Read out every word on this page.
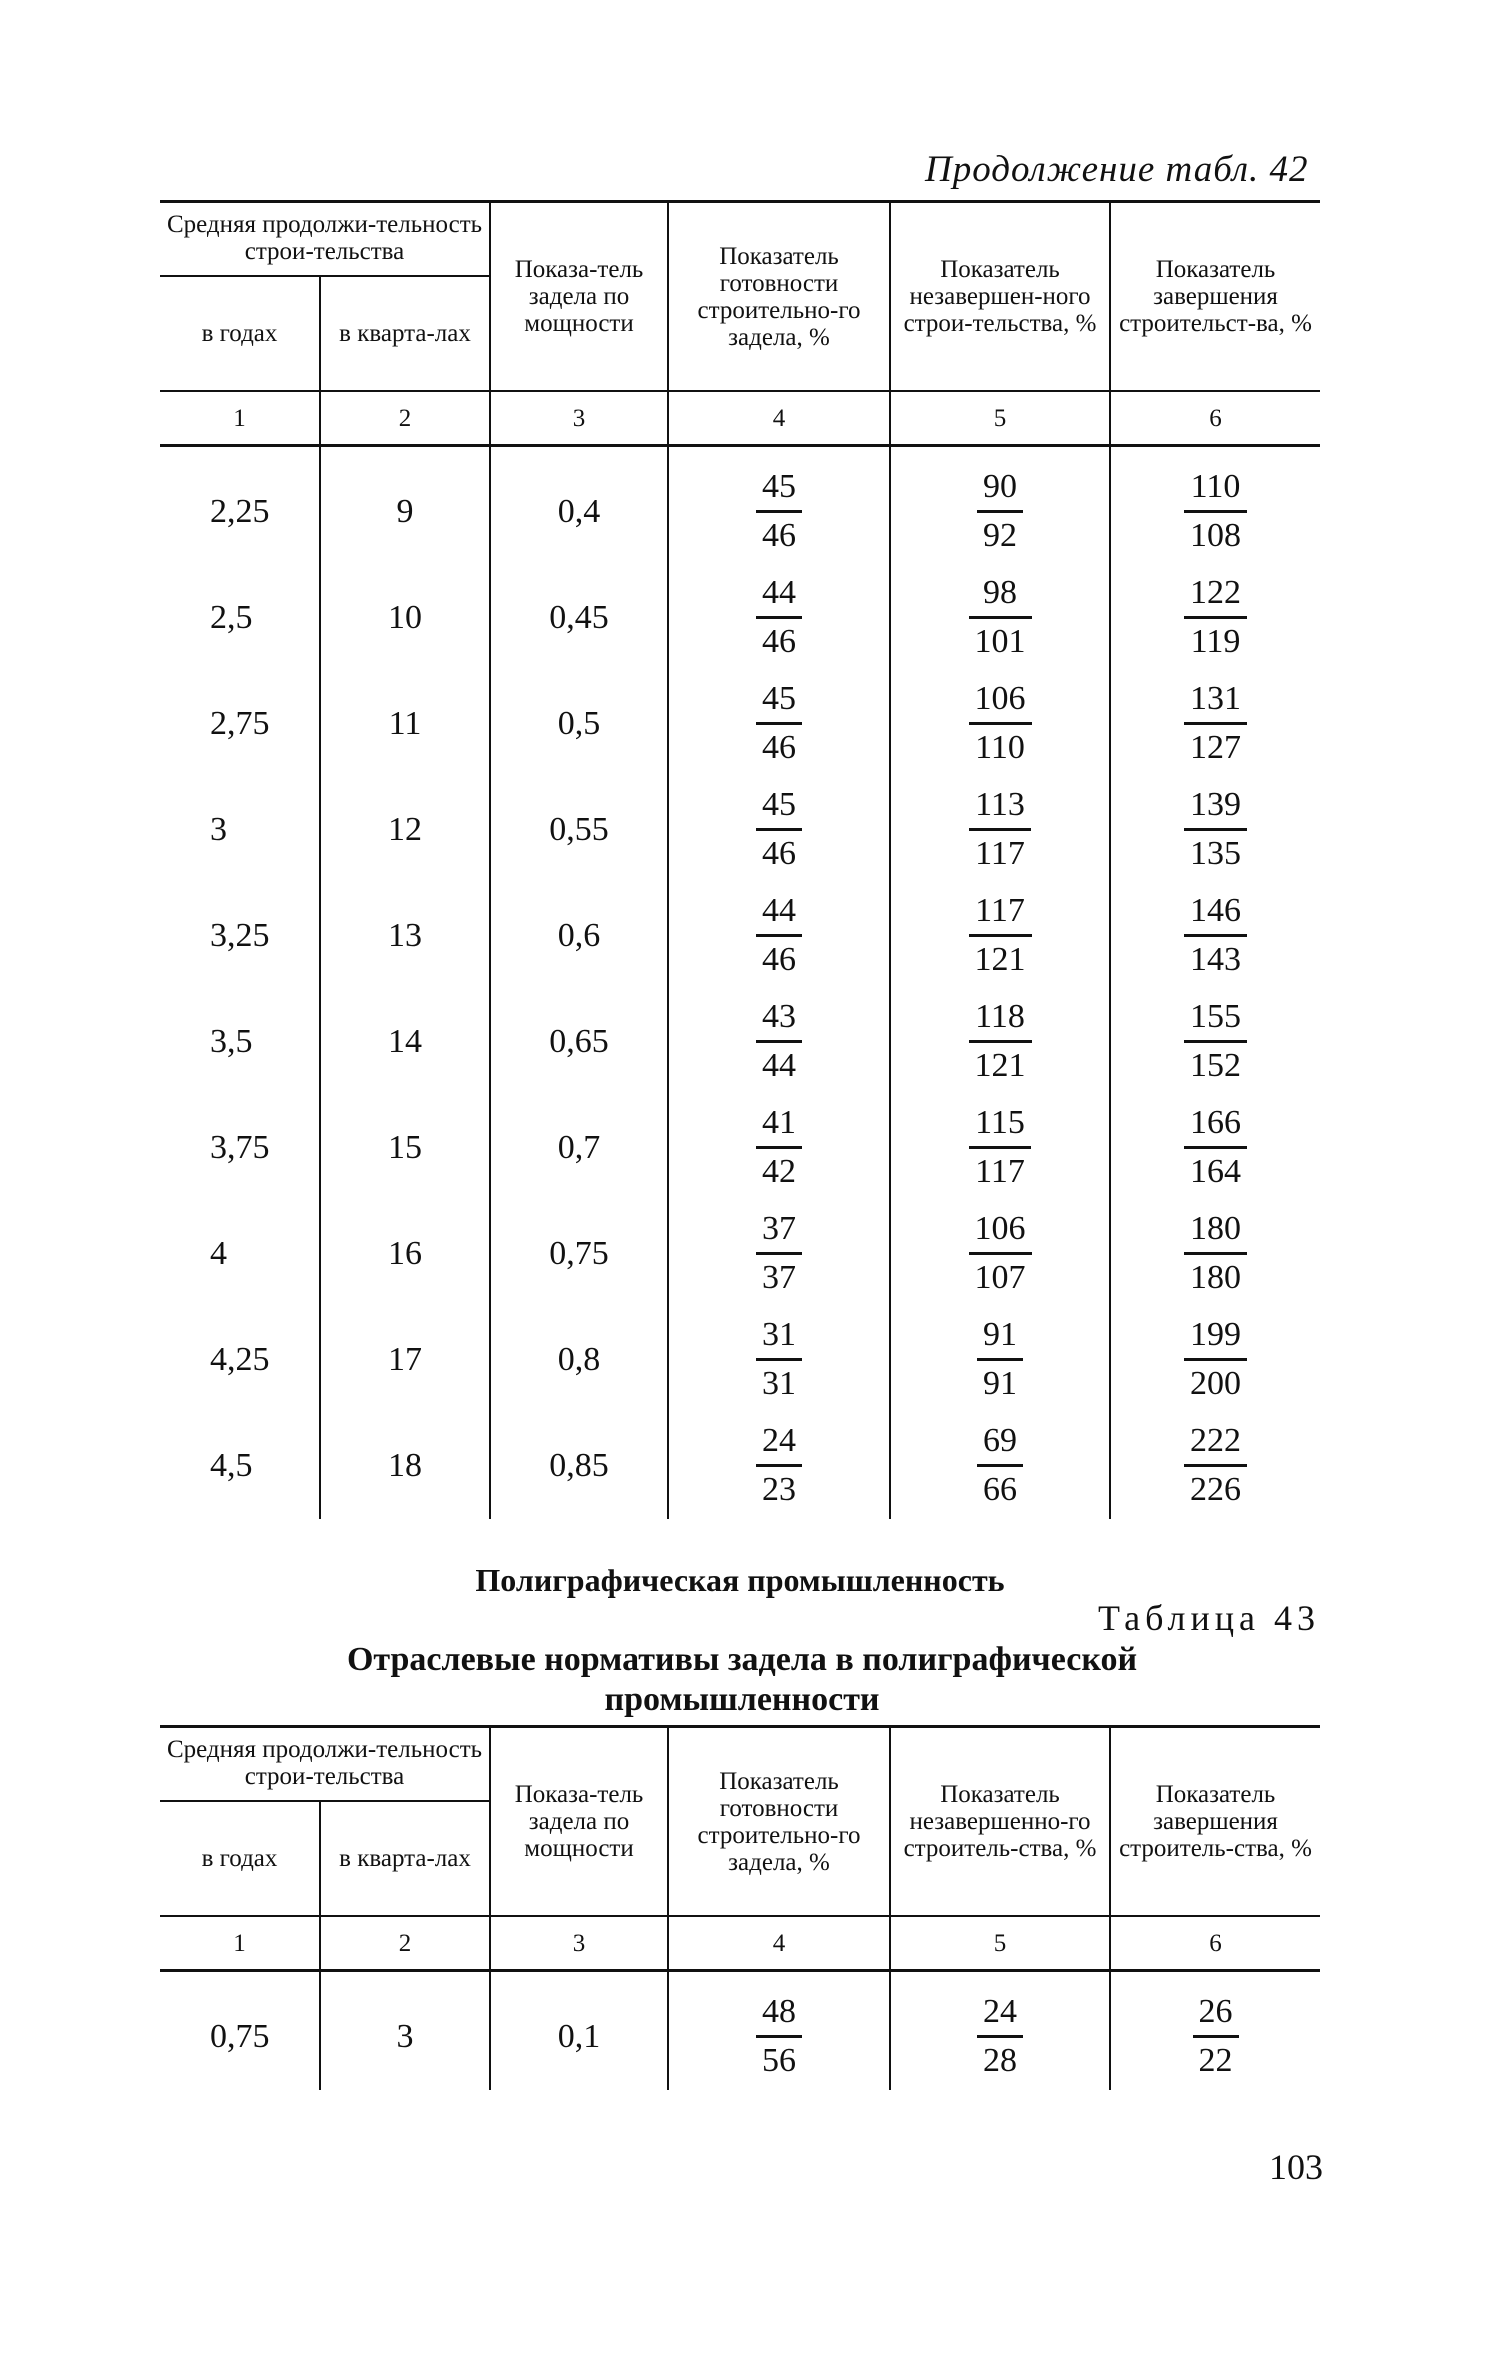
Продолжение табл. 42
Средняя продолжи-тельность строи-тельства		Показа-тель задела по мощности	Показатель готовности строительно-го задела, %	Показатель незавершен-ного строи-тельства, %	Показатель завершения строительст-ва, %
в годах	в кварта-лах				
1	2	3	4	5	6
2,25	9	0,4	$\frac{45}{46}$	$\frac{90}{92}$	$\frac{110}{108}$

2,5	10	0,45	$\frac{44}{46}$	$\frac{98}{101}$	$\frac{122}{119}$

2,75	11	0,5	$\frac{45}{46}$	$\frac{106}{110}$	$\frac{131}{127}$

3	12	0,55	$\frac{45}{46}$	$\frac{113}{117}$	$\frac{139}{135}$

3,25	13	0,6	$\frac{44}{46}$	$\frac{117}{121}$	$\frac{146}{143}$

3,5	14	0,65	$\frac{43}{44}$	$\frac{118}{121}$	$\frac{155}{152}$

3,75	15	0,7	$\frac{41}{42}$	$\frac{115}{117}$	$\frac{166}{164}$

4	16	0,75	$\frac{37}{37}$	$\frac{106}{107}$	$\frac{180}{180}$

4,25	17	0,8	$\frac{31}{31}$	$\frac{91}{91}$	$\frac{199}{200}$

4,5	18	0,85	$\frac{24}{23}$	$\frac{69}{66}$	$\frac{222}{226}$
Полиграфическая промышленность
Таблица 43
Отраслевые нормативы задела в полиграфической промышленности
Средняя продолжи-тельность строи-тельства		Показа-тель задела по мощности	Показатель готовности строительно-го задела, %	Показатель незавершенно-го строитель-ства, %	Показатель завершения строитель-ства, %
в годах	в кварта-лах				
1	2	3	4	5	6
0,75	3	0,1	$\frac{48}{56}$	$\frac{24}{28}$	$\frac{26}{22}$
103
